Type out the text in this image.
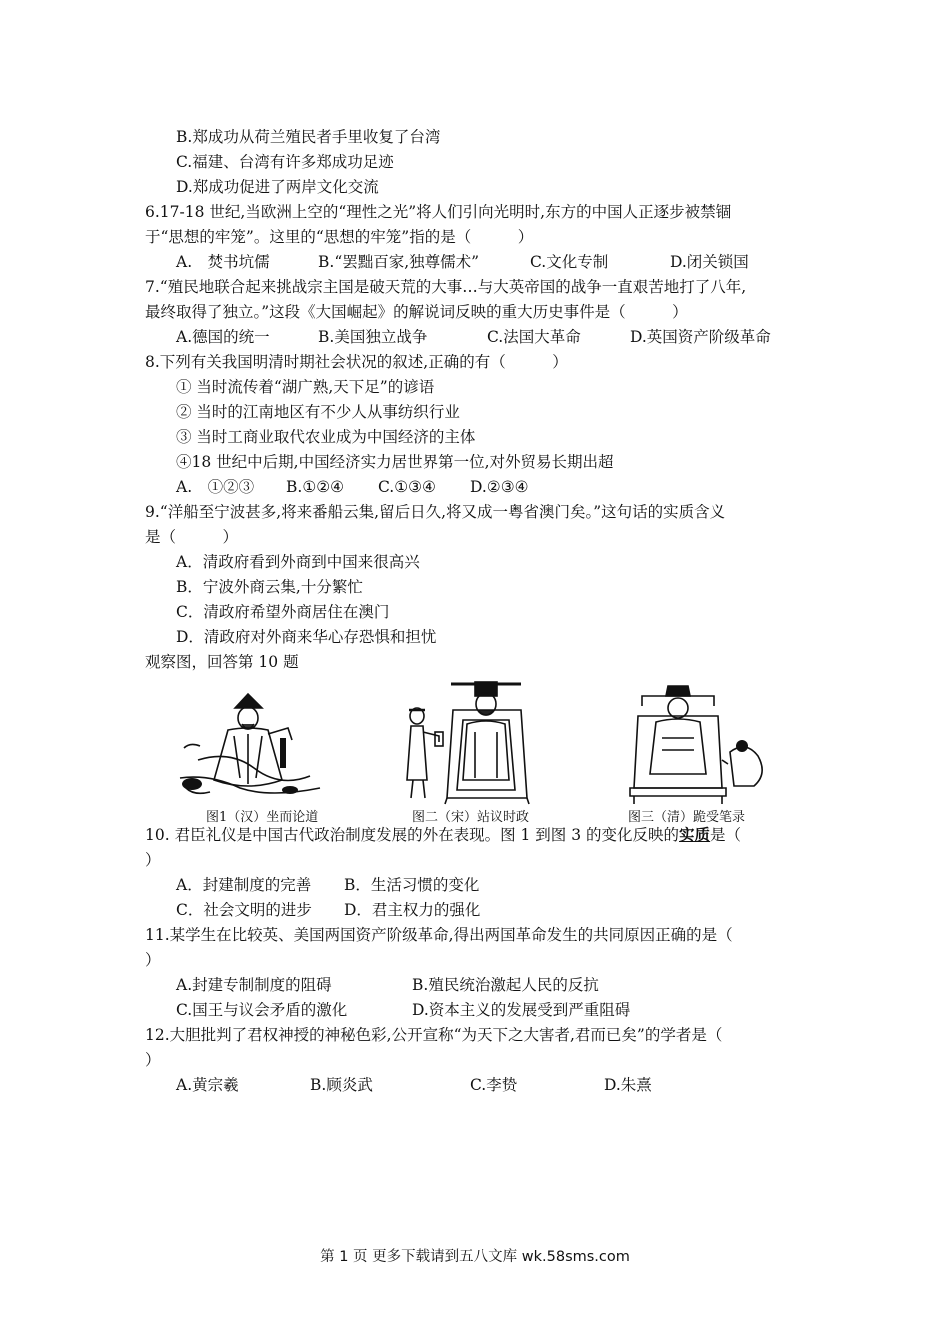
B.郑成功从荷兰殖民者手里收复了台湾
C.福建、台湾有许多郑成功足迹
D.郑成功促进了两岸文化交流
6.17-18 世纪,当欧洲上空的“理性之光”将人们引向光明时,东方的中国人正逐步被禁锢
于“思想的牢笼”。这里的“思想的牢笼”指的是（　　　）
A.　焚书坑儒	B.“罢黜百家,独尊儒术”	C.文化专制	D.闭关锁国
7.“殖民地联合起来挑战宗主国是破天荒的大事…与大英帝国的战争一直艰苦地打了八年,
最终取得了独立。”这段《大国崛起》的解说词反映的重大历史事件是（　　　）
A.德国的统一	B.美国独立战争	C.法国大革命	D.英国资产阶级革命
8.下列有关我国明清时期社会状况的叙述,正确的有（　　　）
① 当时流传着“湖广熟,天下足”的谚语
② 当时的江南地区有不少人从事纺织行业
③ 当时工商业取代农业成为中国经济的主体
④18 世纪中后期,中国经济实力居世界第一位,对外贸易长期出超
A.　①②③ B.①②④ C.①③④ D.②③④
9.“洋船至宁波甚多,将来番船云集,留后日久,将又成一粤省澳门矣。”这句话的实质含义
是（　　　）
A．清政府看到外商到中国来很高兴
B．宁波外商云集,十分繁忙
C．清政府希望外商居住在澳门
D．清政府对外商来华心存恐惧和担忧
观察图，回答第 10 题
图1（汉）坐而论道	图二（宋）站议时政	图三（清）跪受笔录
10. 君臣礼仪是中国古代政治制度发展的外在表现。图 1 到图 3 的变化反映的实质是（
）
A．封建制度的完善 B．生活习惯的变化
C．社会文明的进步 D．君主权力的强化
11.某学生在比较英、美国两国资产阶级革命,得出两国革命发生的共同原因正确的是（
）
A.封建专制制度的阻碍	B.殖民统治激起人民的反抗
C.国王与议会矛盾的激化	D.资本主义的发展受到严重阻碍
12.大胆批判了君权神授的神秘色彩,公开宣称“为天下之大害者,君而已矣”的学者是（
）
A.黄宗羲	B.顾炎武	C.李贽	D.朱熹
第 1 页 更多下载请到五八文库 wk.58sms.com
